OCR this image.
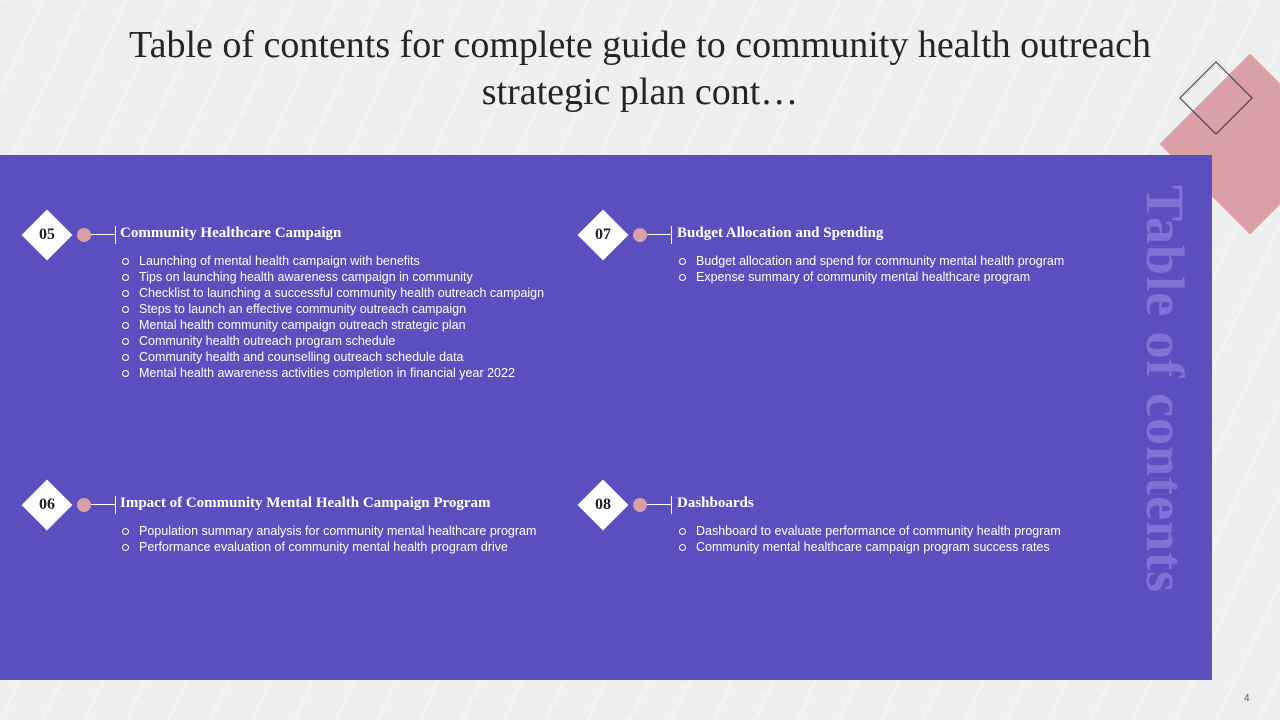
Table of contents for complete guide to community health outreach strategic plan cont…
Table of contents
05	Community Healthcare Campaign
Launching of mental health campaign with benefits
Tips on launching health awareness campaign in community
Checklist to launching a successful community health outreach campaign
Steps to launch an effective community outreach campaign
Mental health community campaign outreach strategic plan
Community health outreach program schedule
Community health and counselling outreach schedule data
Mental health awareness activities completion in financial year 2022
06	Impact of Community Mental Health Campaign Program
Population summary analysis for community mental healthcare program
Performance evaluation of community mental health program drive
07	Budget Allocation and Spending
Budget allocation and spend for community mental health program
Expense summary of community mental healthcare program
08	Dashboards
Dashboard to evaluate performance of community health program
Community mental healthcare campaign program success rates
4
